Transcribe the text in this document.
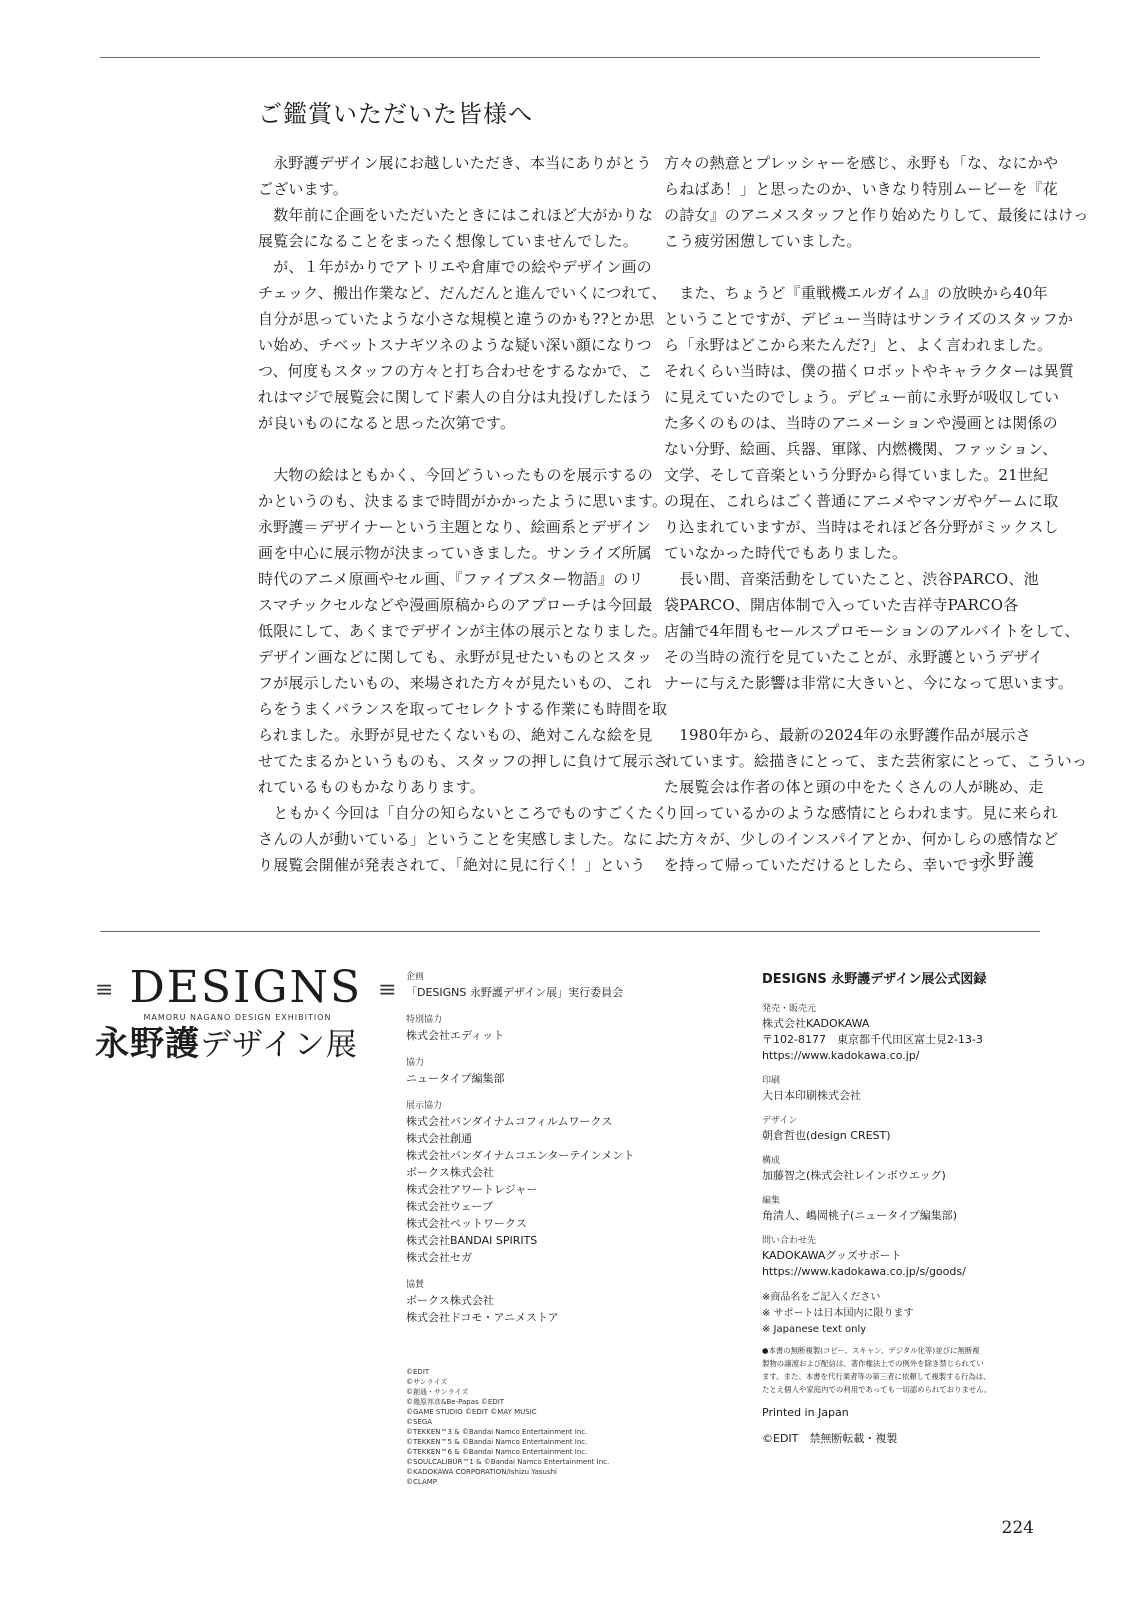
ご鑑賞いただいた皆様へ
　永野護デザイン展にお越しいただき、本当にありがとう
ございます。
　数年前に企画をいただいたときにはこれほど大がかりな
展覧会になることをまったく想像していませんでした。
　が、１年がかりでアトリエや倉庫での絵やデザイン画の
チェック、搬出作業など、だんだんと進んでいくにつれて、
自分が思っていたような小さな規模と違うのかも??とか思
い始め、チベットスナギツネのような疑い深い顔になりつ
つ、何度もスタッフの方々と打ち合わせをするなかで、こ
れはマジで展覧会に関してド素人の自分は丸投げしたほう
が良いものになると思った次第です。
　大物の絵はともかく、今回どういったものを展示するの
かというのも、決まるまで時間がかかったように思います。
永野護＝デザイナーという主題となり、絵画系とデザイン
画を中心に展示物が決まっていきました。サンライズ所属
時代のアニメ原画やセル画、『ファイブスター物語』のリ
スマチックセルなどや漫画原稿からのアプローチは今回最
低限にして、あくまでデザインが主体の展示となりました。
デザイン画などに関しても、永野が見せたいものとスタッ
フが展示したいもの、来場された方々が見たいもの、これ
らをうまくバランスを取ってセレクトする作業にも時間を取
られました。永野が見せたくないもの、絶対こんな絵を見
せてたまるかというものも、スタッフの押しに負けて展示さ
れているものもかなりあります。
　ともかく今回は「自分の知らないところでものすごくたく
さんの人が動いている」ということを実感しました。なによ
り展覧会開催が発表されて、「絶対に見に行く！」という
方々の熱意とプレッシャーを感じ、永野も「な、なにかや
らねばあ！」と思ったのか、いきなり特別ムービーを『花
の詩女』のアニメスタッフと作り始めたりして、最後にはけっ
こう疲労困憊していました。
　また、ちょうど『重戦機エルガイム』の放映から40年
ということですが、デビュー当時はサンライズのスタッフか
ら「永野はどこから来たんだ?」と、よく言われました。
それくらい当時は、僕の描くロボットやキャラクターは異質
に見えていたのでしょう。デビュー前に永野が吸収してい
た多くのものは、当時のアニメーションや漫画とは関係の
ない分野、絵画、兵器、軍隊、内燃機関、ファッション、
文学、そして音楽という分野から得ていました。21世紀
の現在、これらはごく普通にアニメやマンガやゲームに取
り込まれていますが、当時はそれほど各分野がミックスし
ていなかった時代でもありました。
　長い間、音楽活動をしていたこと、渋谷PARCO、池
袋PARCO、開店体制で入っていた吉祥寺PARCO各
店舗で4年間もセールスプロモーションのアルバイトをして、
その当時の流行を見ていたことが、永野護というデザイ
ナーに与えた影響は非常に大きいと、今になって思います。
　1980年から、最新の2024年の永野護作品が展示さ
れています。絵描きにとって、また芸術家にとって、こういっ
た展覧会は作者の体と頭の中をたくさんの人が眺め、走
り回っているかのような感情にとらわれます。見に来られ
た方々が、少しのインスパイアとか、何かしらの感情など
を持って帰っていただけるとしたら、幸いです。
永野護
≡ DESIGNS ≡
MAMORU NAGANO DESIGN EXHIBITION
永野護デザイン展
企画
「DESIGNS 永野護デザイン展」実行委員会
特別協力
株式会社エディット
協力
ニュータイプ編集部
展示協力
株式会社バンダイナムコフィルムワークス
株式会社創通
株式会社バンダイナムコエンターテインメント
ボークス株式会社
株式会社アワートレジャー
株式会社ウェーブ
株式会社ペットワークス
株式会社BANDAI SPIRITS
株式会社セガ
協賛
ボークス株式会社
株式会社ドコモ・アニメストア
©EDIT
©サンライズ
©創通・サンライズ
©幾原邦彦&Be-Papas ©EDIT
©GAME STUDIO ©EDIT ©MAY MUSIC
©SEGA
©TEKKEN™3 & ©Bandai Namco Entertainment Inc.
©TEKKEN™5 & ©Bandai Namco Entertainment Inc.
©TEKKEN™6 & ©Bandai Namco Entertainment Inc.
©SOULCALIBUR™1 & ©Bandai Namco Entertainment Inc.
©KADOKAWA CORPORATION/Ishizu Yasushi
©CLAMP
DESIGNS 永野護デザイン展公式図録
発売・販売元
株式会社KADOKAWA
〒102-8177　東京都千代田区富士見2-13-3
https://www.kadokawa.co.jp/
印刷
大日本印刷株式会社
デザイン
朝倉哲也(design CREST)
構成
加藤智之(株式会社レインボウエッグ)
編集
角清人、嶋岡桃子(ニュータイプ編集部)
問い合わせ先
KADOKAWAグッズサポート
https://www.kadokawa.co.jp/s/goods/
※商品名をご記入ください
※ サポートは日本国内に限ります
※ Japanese text only
●本書の無断複製(コピー、スキャン、デジタル化等)並びに無断複
製物の譲渡および配信は、著作権法上での例外を除き禁じられてい
ます。また、本書を代行業者等の第三者に依頼して複製する行為は、
たとえ個人や家庭内での利用であっても一切認められておりません。
Printed in Japan
©EDIT　禁無断転載・複製
224
